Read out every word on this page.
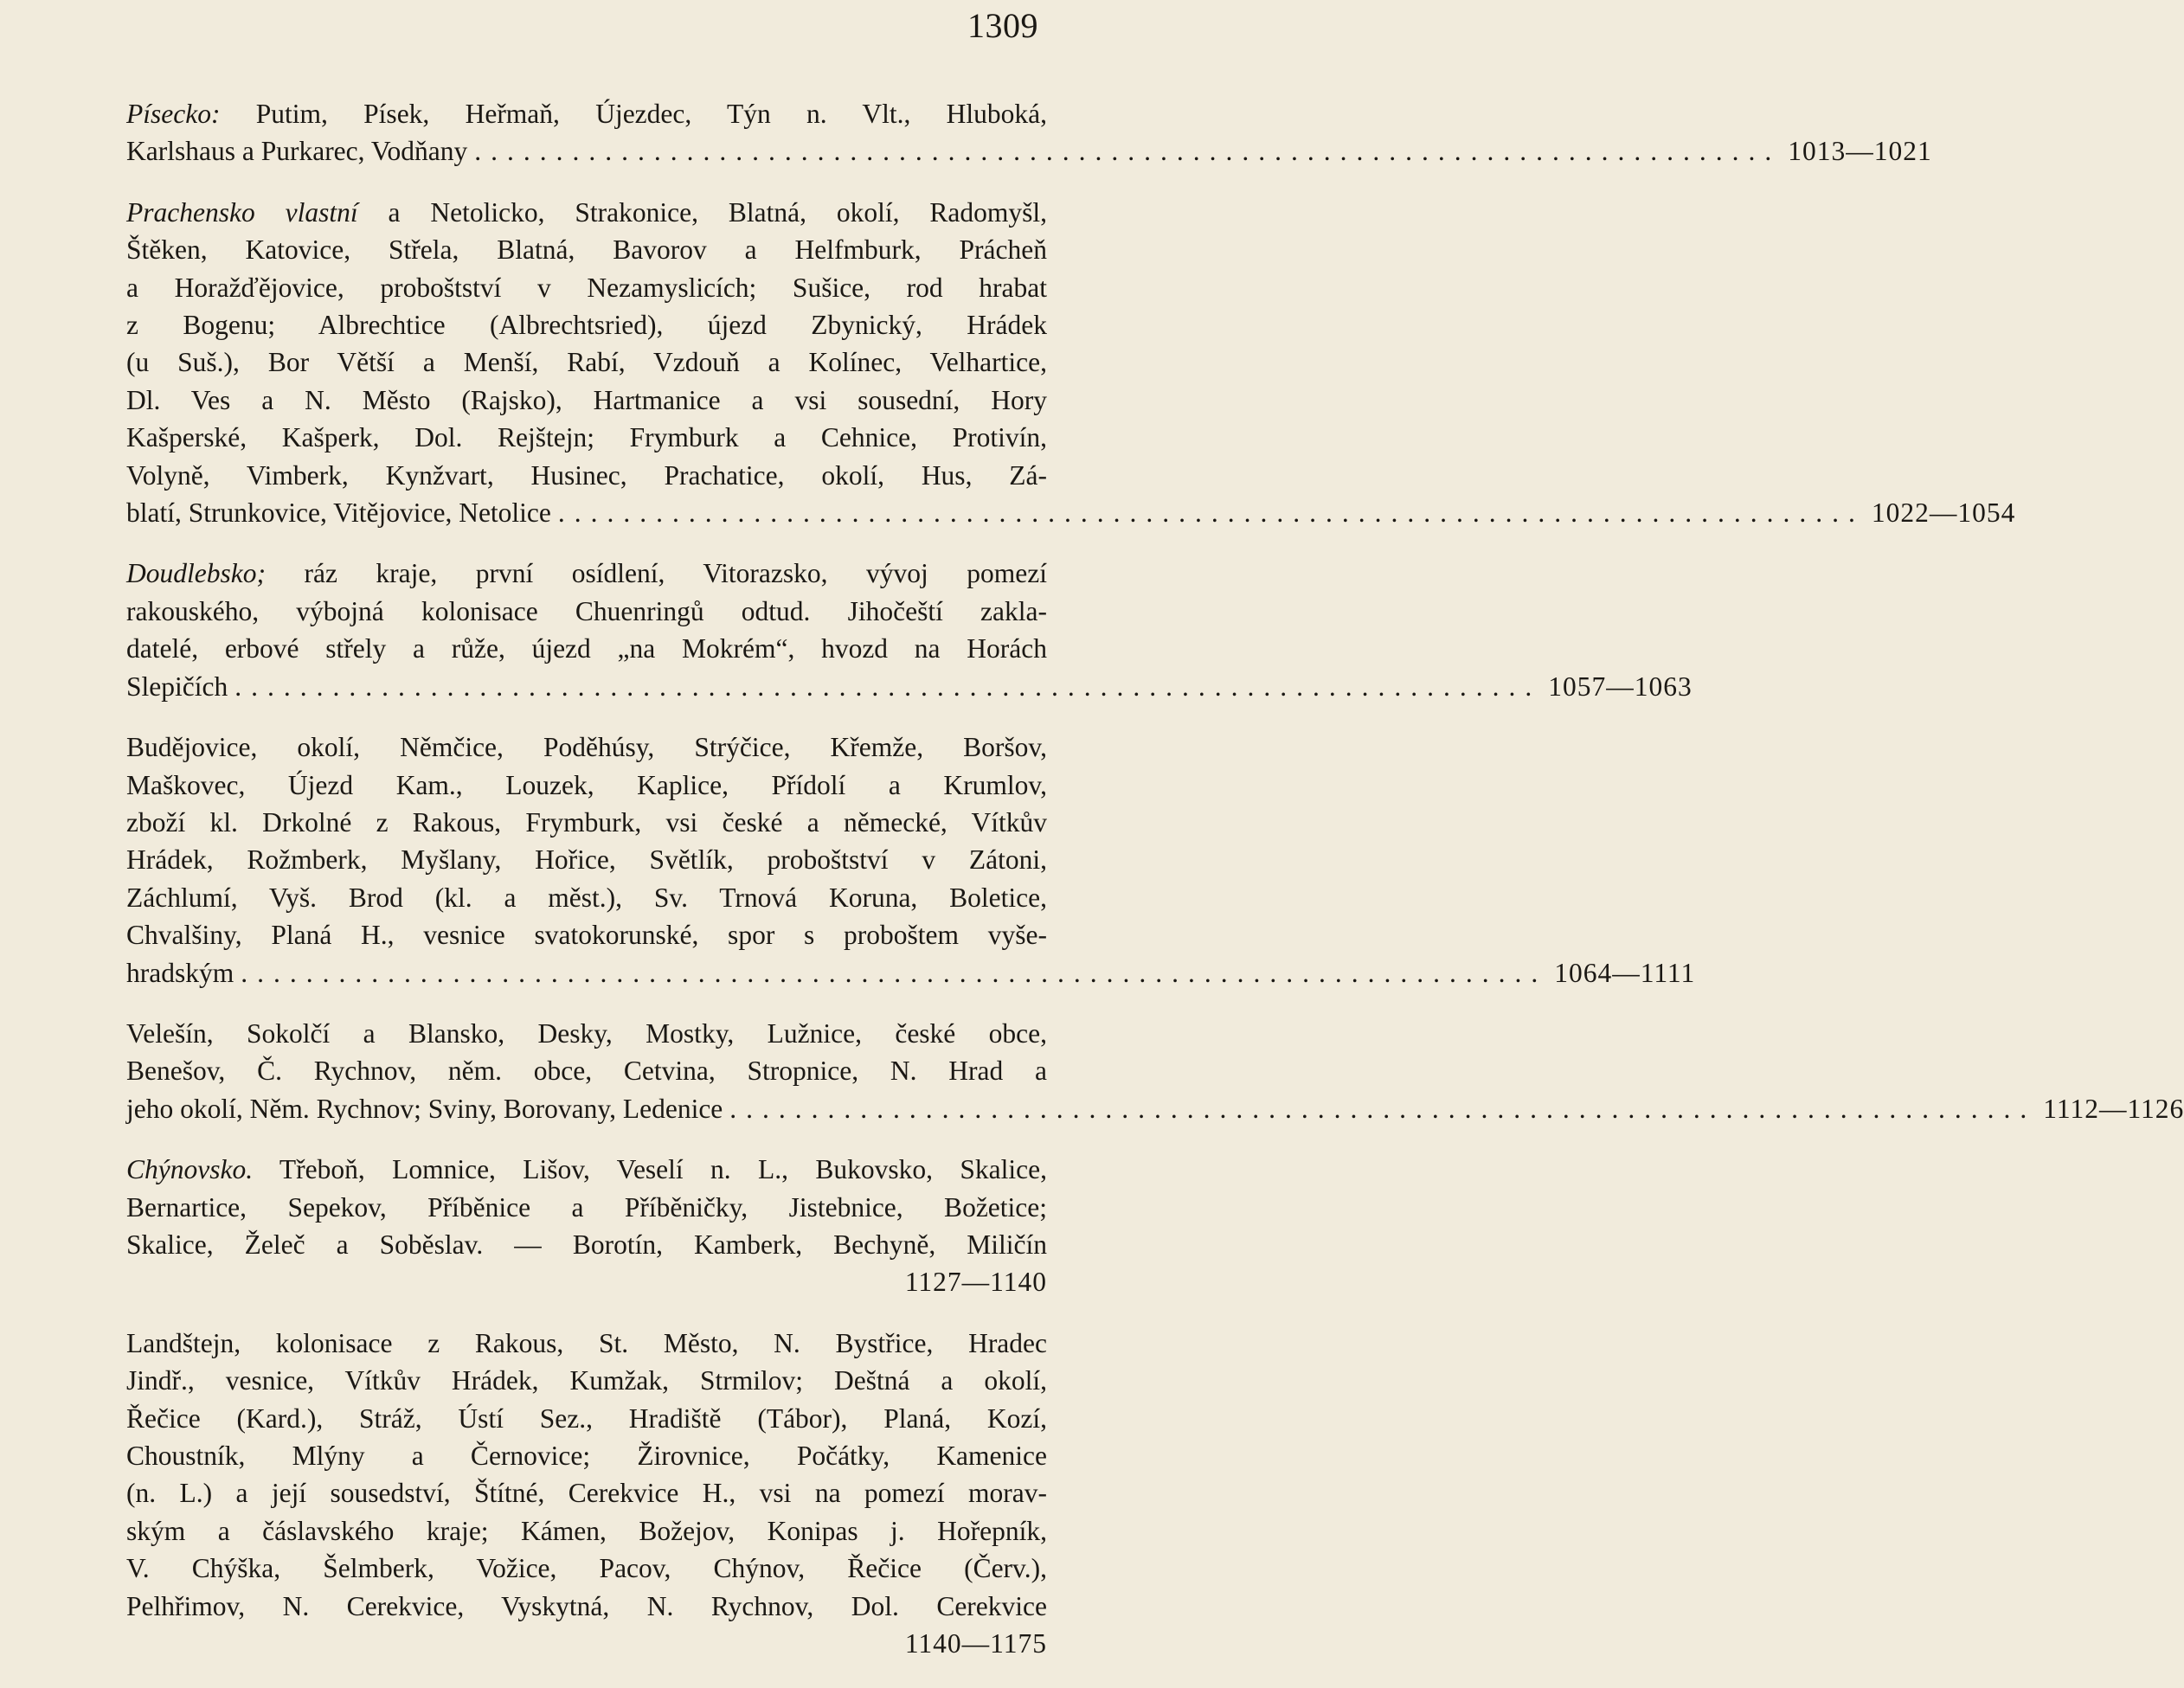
1309
Písecko: Putim, Písek, Heřmaň, Újezdec, Týn n. Vlt., Hluboká,
Karlshaus a Purkarec, Vodňany ................................................................................ 1013—1021
Prachensko vlastní a Netolicko, Strakonice, Blatná, okolí, Radomyšl,
Štěken, Katovice, Střela, Blatná, Bavorov a Helfmburk, Prácheň
a Horažďějovice, proboštství v Nezamyslicích; Sušice, rod hrabat
z Bogenu; Albrechtice (Albrechtsried), újezd Zbynický, Hrádek
(u Suš.), Bor Větší a Menší, Rabí, Vzdouň a Kolínec, Velhartice,
Dl. Ves a N. Město (Rajsko), Hartmanice a vsi sousední, Hory
Kašperské, Kašperk, Dol. Rejštejn; Frymburk a Cehnice, Protivín,
Volyně, Vimberk, Kynžvart, Husinec, Prachatice, okolí, Hus, Zá-
blatí, Strunkovice, Vitějovice, Netolice ................................................................................ 1022—1054
Doudlebsko; ráz kraje, první osídlení, Vitorazsko, vývoj pomezí
rakouského, výbojná kolonisace Chuenringů odtud. Jihočeští zakla-
datelé, erbové střely a růže, újezd „na Mokrém“, hvozd na Horách
Slepičích ................................................................................ 1057—1063
Budějovice, okolí, Němčice, Poděhúsy, Strýčice, Křemže, Boršov,
Maškovec, Újezd Kam., Louzek, Kaplice, Přídolí a Krumlov,
zboží kl. Drkolné z Rakous, Frymburk, vsi české a německé, Vítkův
Hrádek, Rožmberk, Myšlany, Hořice, Světlík, proboštství v Zátoni,
Záchlumí, Vyš. Brod (kl. a měst.), Sv. Trnová Koruna, Boletice,
Chvalšiny, Planá H., vesnice svatokorunské, spor s proboštem vyše-
hradským ................................................................................ 1064—1111
Velešín, Sokolčí a Blansko, Desky, Mostky, Lužnice, české obce,
Benešov, Č. Rychnov, něm. obce, Cetvina, Stropnice, N. Hrad a
jeho okolí, Něm. Rychnov; Sviny, Borovany, Ledenice ................................................................................ 1112—1126
Chýnovsko. Třeboň, Lomnice, Lišov, Veselí n. L., Bukovsko, Skalice,
Bernartice, Sepekov, Příběnice a Příběničky, Jistebnice, Božetice;
Skalice, Želeč a Soběslav. — Borotín, Kamberk, Bechyně, Miličín
1127—1140
Landštejn, kolonisace z Rakous, St. Město, N. Bystřice, Hradec
Jindř., vesnice, Vítkův Hrádek, Kumžak, Strmilov; Deštná a okolí,
Řečice (Kard.), Stráž, Ústí Sez., Hradiště (Tábor), Planá, Kozí,
Choustník, Mlýny a Černovice; Žirovnice, Počátky, Kamenice
(n. L.) a její sousedství, Štítné, Cerekvice H., vsi na pomezí morav-
ským a čáslavského kraje; Kámen, Božejov, Konipas j. Hořepník,
V. Chýška, Šelmberk, Vožice, Pacov, Chýnov, Řečice (Červ.),
Pelhřimov, N. Cerekvice, Vyskytná, N. Rychnov, Dol. Cerekvice
1140—1175
